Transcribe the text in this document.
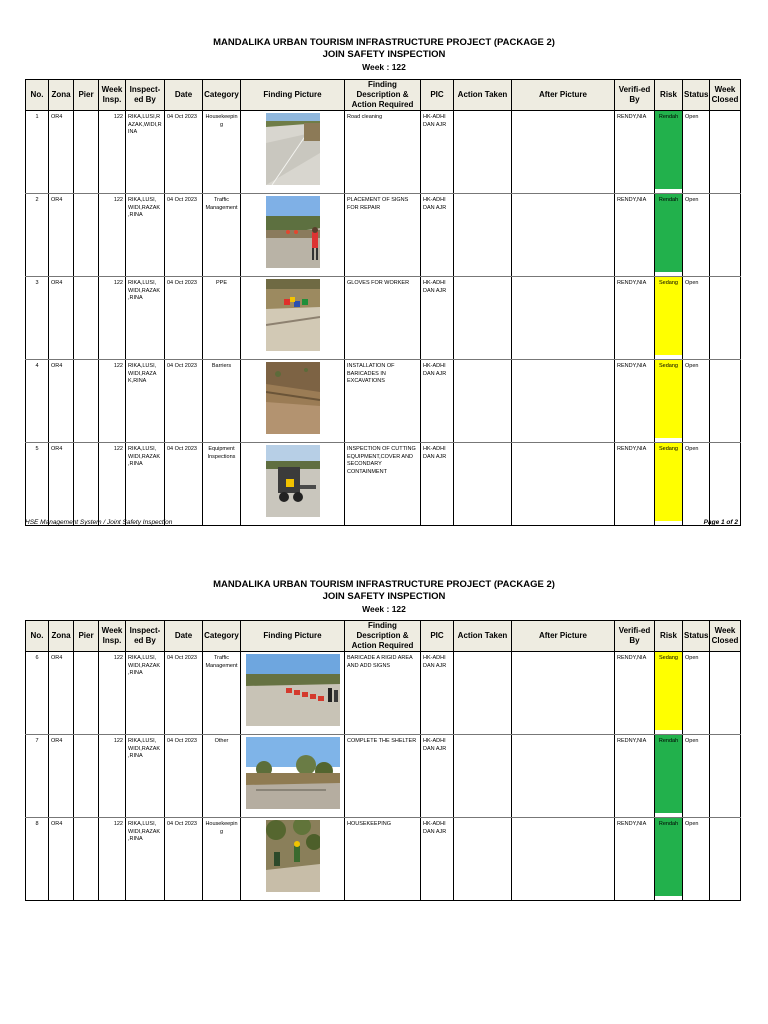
MANDALIKA URBAN TOURISM INFRASTRUCTURE PROJECT (PACKAGE 2)
JOIN SAFETY INSPECTION
Week : 122
No.	Zona	Pier	Week Insp.	Inspect-ed By	Date	Category	Finding Picture	Finding Description & Action Required	PIC	Action Taken	After Picture	Verifi-ed By	Risk	Status	Week Closed
1	OR4		122	RIKA,LUSI,RAZAK,WIDI,RINA	04 Oct 2023	Housekeeping		Road cleaning	HK-ADHI DAN AJR			RENDY,NIA	Rendah	Open	
2	OR4		122	RIKA,LUSI, WIDI,RAZAK ,RINA	04 Oct 2023	Traffic Management		PLACEMENT OF SIGNS FOR REPAIR	HK-ADHI DAN AJR			RENDY,NIA	Rendah	Open	
3	OR4		122	RIKA,LUSI, WIDI,RAZAK ,RINA	04 Oct 2023	PPE		GLOVES FOR WORKER	HK-ADHI DAN AJR			RENDY,NIA	Sedang	Open	
4	OR4		122	RIKA,LUSI, WIDI,RAZA K,RINA	04 Oct 2023	Barriers		INSTALLATION OF BARICADES IN EXCAVATIONS	HK-ADHI DAN AJR			RENDY,NIA	Sedang	Open	
5	OR4		122	RIKA,LUSI, WIDI,RAZAK ,RINA	04 Oct 2023	Equipment Inspections		INSPECTION OF CUTTING EQUIPMENT,COVER AND SECONDARY CONTAINMENT	HK-ADHI DAN AJR			RENDY,NIA	Sedang	Open	
HSE Management System / Joint Safety Inspection	Page 1 of 2
MANDALIKA URBAN TOURISM INFRASTRUCTURE PROJECT (PACKAGE 2)
JOIN SAFETY INSPECTION
Week : 122
No.	Zona	Pier	Week Insp.	Inspect-ed By	Date	Category	Finding Picture	Finding Description & Action Required	PIC	Action Taken	After Picture	Verifi-ed By	Risk	Status	Week Closed
6	OR4		122	RIKA,LUSI, WIDI,RAZAK ,RINA	04 Oct 2023	Traffic Management		BARICADE A RIGID AREA AND ADD SIGNS	HK-ADHI DAN AJR			RENDY,NIA	Sedang	Open	
7	OR4		122	RIKA,LUSI, WIDI,RAZAK ,RINA	04 Oct 2023	Other		COMPLETE THE SHELTER	HK-ADHI DAN AJR			REDNY,NIA	Rendah	Open	
8	OR4		122	RIKA,LUSI, WIDI,RAZAK ,RINA	04 Oct 2023	Housekeeping		HOUSEKEEPING	HK-ADHI DAN AJR			RENDY,NIA	Rendah	Open	
